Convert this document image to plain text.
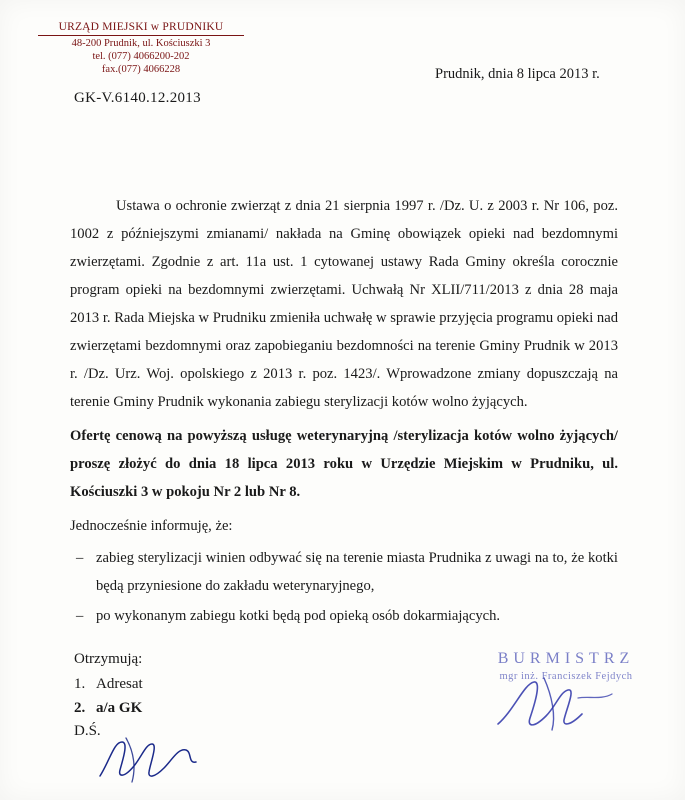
URZĄD MIEJSKI w PRUDNIKU
48-200 Prudnik, ul. Kościuszki 3
tel. (077) 4066200-202
fax.(077) 4066228	Prudnik, dnia 8 lipca 2013 r.
GK-V.6140.12.2013

Ustawa o ochronie zwierząt z dnia 21 sierpnia 1997 r. /Dz. U. z 2003 r. Nr 106, poz. 1002 z późniejszymi zmianami/ nakłada na Gminę obowiązek opieki nad bezdomnymi zwierzętami. Zgodnie z art. 11a ust. 1 cytowanej ustawy Rada Gminy określa corocznie program opieki na bezdomnymi zwierzętami. Uchwałą Nr XLII/711/2013 z dnia 28 maja 2013 r. Rada Miejska w Prudniku zmieniła uchwałę w sprawie przyjęcia programu opieki nad zwierzętami bezdomnymi oraz zapobieganiu bezdomności na terenie Gminy Prudnik w 2013 r. /Dz. Urz. Woj. opolskiego z 2013 r. poz. 1423/. Wprowadzone zmiany dopuszczają na terenie Gminy Prudnik wykonania zabiegu sterylizacji kotów wolno żyjących.

Ofertę cenową na powyższą usługę weterynaryjną /sterylizacja kotów wolno żyjących/ proszę złożyć do dnia 18 lipca 2013 roku w Urzędzie Miejskim w Prudniku, ul. Kościuszki 3 w pokoju Nr 2 lub Nr 8.

Jednocześnie informuję, że:

– zabieg sterylizacji winien odbywać się na terenie miasta Prudnika z uwagi na to, że kotki będą przyniesione do zakładu weterynaryjnego,
– po wykonanym zabiegu kotki będą pod opieką osób dokarmiających.
Otrzymują:
1. Adresat
2. a/a GK
D.Ś.
BURMISTRZ
mgr inż. Franciszek Fejdych
